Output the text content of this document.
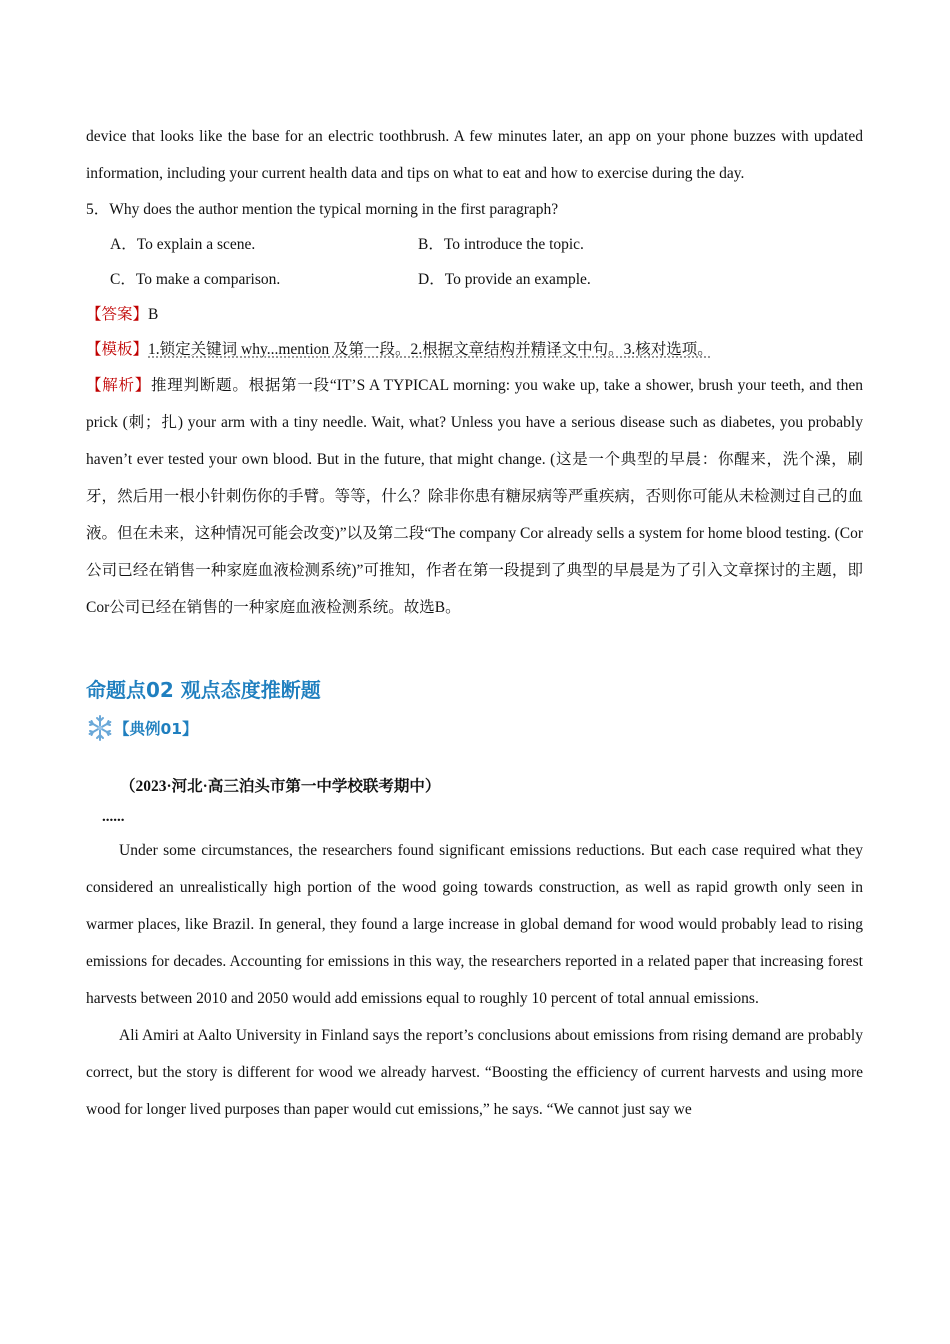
device that looks like the base for an electric toothbrush. A few minutes later, an app on your phone buzzes with updated information, including your current health data and tips on what to eat and how to exercise during the day.

5．Why does the author mention the typical morning in the first paragraph?

A．To explain a scene.	B．To introduce the topic.
C．To make a comparison.	D．To provide an example.

【答案】B

【模板】1.锁定关键词 why...mention 及第一段。2.根据文章结构并精译文中句。3.核对选项。

【解析】推理判断题。根据第一段“IT’S A TYPICAL morning: you wake up, take a shower, brush your teeth, and then prick (刺；扎) your arm with a tiny needle. Wait, what? Unless you have a serious disease such as diabetes, you probably haven’t ever tested your own blood. But in the future, that might change. (这是一个典型的早晨：你醒来，洗个澡，刷牙，然后用一根小针刺伤你的手臂。等等，什么？除非你患有糖尿病等严重疾病，否则你可能从未检测过自己的血液。但在未来，这种情况可能会改变)”以及第二段“The company Cor already sells a system for home blood testing. (Cor公司已经在销售一种家庭血液检测系统)”可推知，作者在第一段提到了典型的早晨是为了引入文章探讨的主题，即Cor公司已经在销售的一种家庭血液检测系统。故选B。

命题点02 观点态度推断题
【典例01】
（2023·河北·高三泊头市第一中学校联考期中）
......

Under some circumstances, the researchers found significant emissions reductions. But each case required what they considered an unrealistically high portion of the wood going towards construction, as well as rapid growth only seen in warmer places, like Brazil. In general, they found a large increase in global demand for wood would probably lead to rising emissions for decades. Accounting for emissions in this way, the researchers reported in a related paper that increasing forest harvests between 2010 and 2050 would add emissions equal to roughly 10 percent of total annual emissions.

Ali Amiri at Aalto University in Finland says the report’s conclusions about emissions from rising demand are probably correct, but the story is different for wood we already harvest. “Boosting the efficiency of current harvests and using more wood for longer lived purposes than paper would cut emissions,” he says. “We cannot just say we
